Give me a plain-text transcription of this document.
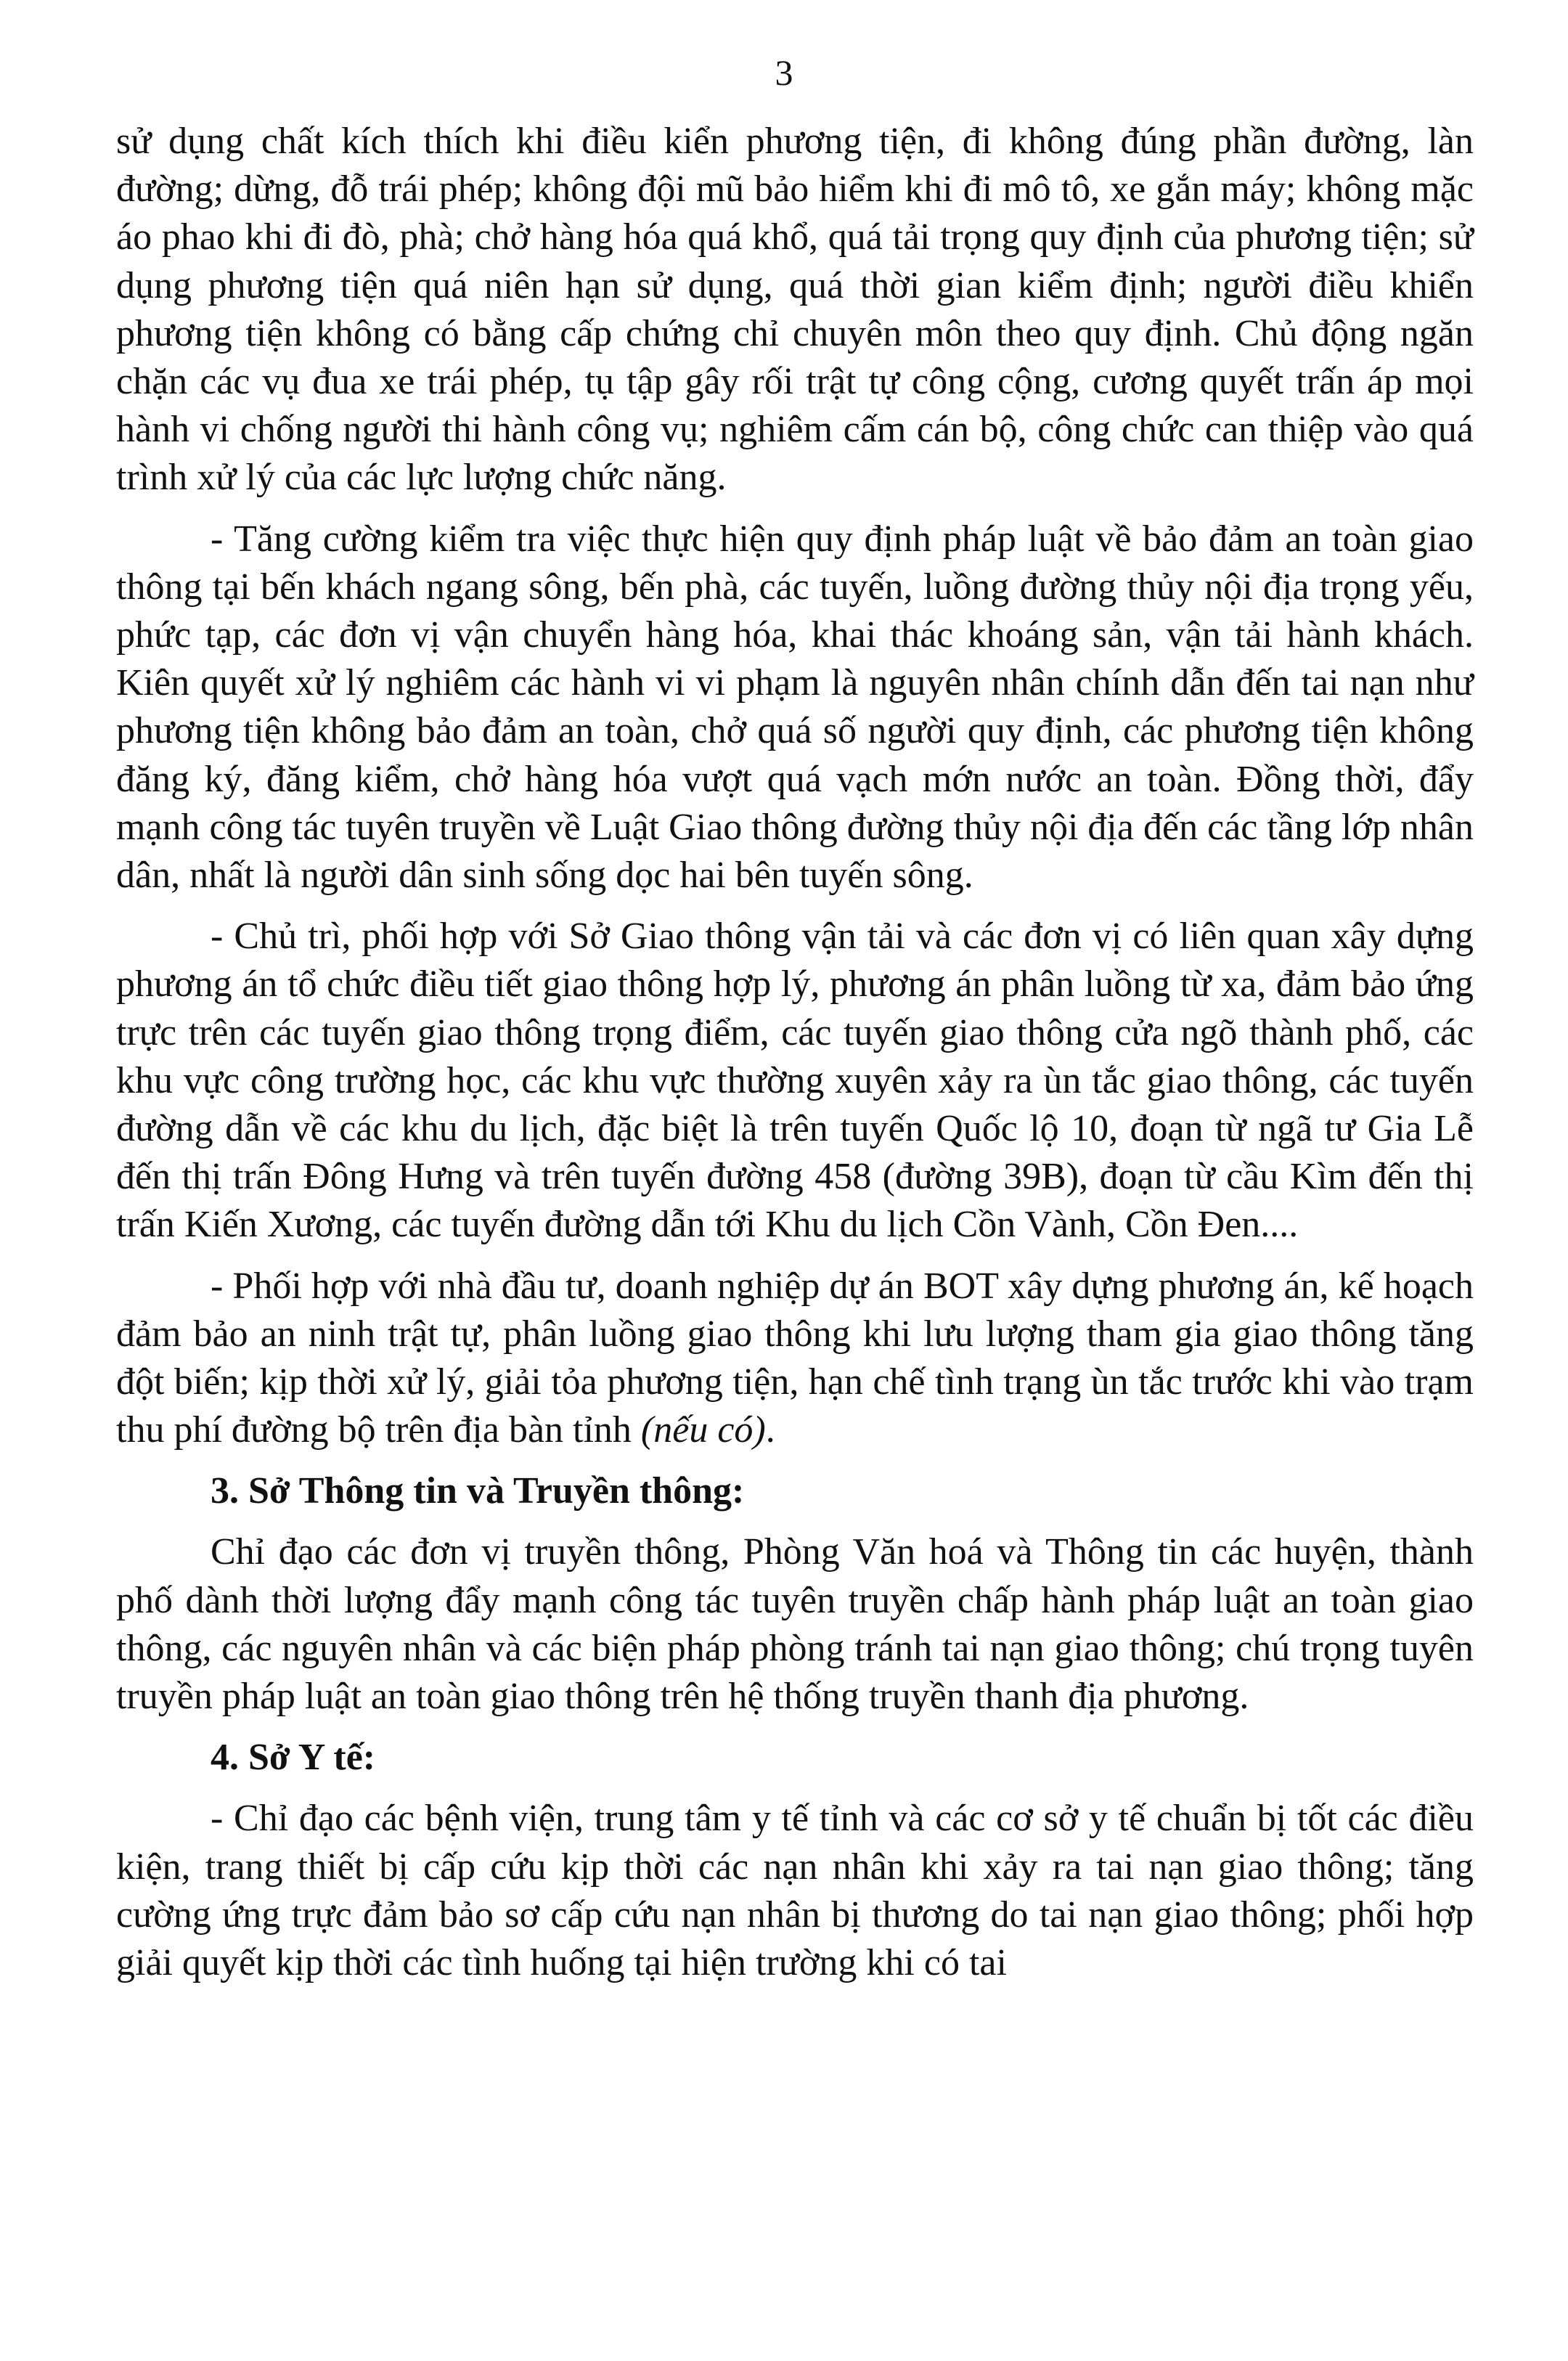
3

sử dụng chất kích thích khi điều kiển phương tiện, đi không đúng phần đường, làn đường; dừng, đỗ trái phép; không đội mũ bảo hiểm khi đi mô tô, xe gắn máy; không mặc áo phao khi đi đò, phà; chở hàng hóa quá khổ, quá tải trọng quy định của phương tiện; sử dụng phương tiện quá niên hạn sử dụng, quá thời gian kiểm định; người điều khiển phương tiện không có bằng cấp chứng chỉ chuyên môn theo quy định. Chủ động ngăn chặn các vụ đua xe trái phép, tụ tập gây rối trật tự công cộng, cương quyết trấn áp mọi hành vi chống người thi hành công vụ; nghiêm cấm cán bộ, công chức can thiệp vào quá trình xử lý của các lực lượng chức năng.

- Tăng cường kiểm tra việc thực hiện quy định pháp luật về bảo đảm an toàn giao thông tại bến khách ngang sông, bến phà, các tuyến, luồng đường thủy nội địa trọng yếu, phức tạp, các đơn vị vận chuyển hàng hóa, khai thác khoáng sản, vận tải hành khách. Kiên quyết xử lý nghiêm các hành vi vi phạm là nguyên nhân chính dẫn đến tai nạn như phương tiện không bảo đảm an toàn, chở quá số người quy định, các phương tiện không đăng ký, đăng kiểm, chở hàng hóa vượt quá vạch mớn nước an toàn. Đồng thời, đẩy mạnh công tác tuyên truyền về Luật Giao thông đường thủy nội địa đến các tầng lớp nhân dân, nhất là người dân sinh sống dọc hai bên tuyến sông.

- Chủ trì, phối hợp với Sở Giao thông vận tải và các đơn vị có liên quan xây dựng phương án tổ chức điều tiết giao thông hợp lý, phương án phân luồng từ xa, đảm bảo ứng trực trên các tuyến giao thông trọng điểm, các tuyến giao thông cửa ngõ thành phố, các khu vực công trường học, các khu vực thường xuyên xảy ra ùn tắc giao thông, các tuyến đường dẫn về các khu du lịch, đặc biệt là trên tuyến Quốc lộ 10, đoạn từ ngã tư Gia Lễ đến thị trấn Đông Hưng và trên tuyến đường 458 (đường 39B), đoạn từ cầu Kìm đến thị trấn Kiến Xương, các tuyến đường dẫn tới Khu du lịch Cồn Vành, Cồn Đen....

- Phối hợp với nhà đầu tư, doanh nghiệp dự án BOT xây dựng phương án, kế hoạch đảm bảo an ninh trật tự, phân luồng giao thông khi lưu lượng tham gia giao thông tăng đột biến; kịp thời xử lý, giải tỏa phương tiện, hạn chế tình trạng ùn tắc trước khi vào trạm thu phí đường bộ trên địa bàn tỉnh (nếu có).

3. Sở Thông tin và Truyền thông:

Chỉ đạo các đơn vị truyền thông, Phòng Văn hoá và Thông tin các huyện, thành phố dành thời lượng đẩy mạnh công tác tuyên truyền chấp hành pháp luật an toàn giao thông, các nguyên nhân và các biện pháp phòng tránh tai nạn giao thông; chú trọng tuyên truyền pháp luật an toàn giao thông trên hệ thống truyền thanh địa phương.

4. Sở Y tế:

- Chỉ đạo các bệnh viện, trung tâm y tế tỉnh và các cơ sở y tế chuẩn bị tốt các điều kiện, trang thiết bị cấp cứu kịp thời các nạn nhân khi xảy ra tai nạn giao thông; tăng cường ứng trực đảm bảo sơ cấp cứu nạn nhân bị thương do tai nạn giao thông; phối hợp giải quyết kịp thời các tình huống tại hiện trường khi có tai
